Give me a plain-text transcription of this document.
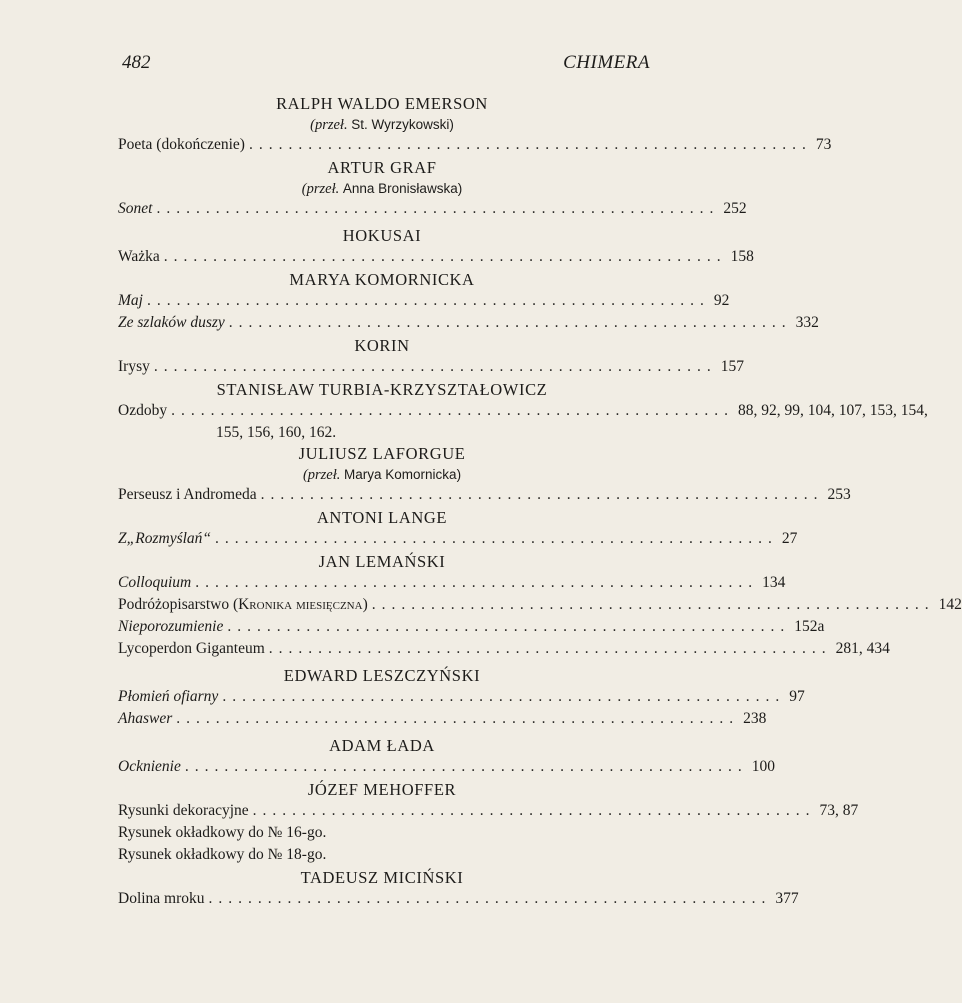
482	CHIMERA
RALPH WALDO EMERSON
(przeł. St. Wyrzykowski)
Poeta (dokończenie) ......................................................... 73
ARTUR GRAF
(przeł. Anna Bronisławska)
Sonet ......................................................... 252
HOKUSAI
Ważka ......................................................... 158
MARYA KOMORNICKA
Maj ......................................................... 92
Ze szlaków duszy ......................................................... 332
KORIN
Irysy ......................................................... 157
STANISŁAW TURBIA-KRZYSZTAŁOWICZ
Ozdoby ......................................................... 88, 92, 99, 104, 107, 153, 154,
155, 156, 160, 162.
JULIUSZ LAFORGUE
(przeł. Marya Komornicka)
Perseusz i Andromeda ......................................................... 253
ANTONI LANGE
Z „Rozmyślań“ ......................................................... 27
JAN LEMAŃSKI
Colloquium ......................................................... 134
Podróżopisarstwo
(Kronika miesięczna) ......................................................... 142
Nieporozumienie ......................................................... 152a
Lycoperdon Giganteum ......................................................... 281, 434
EDWARD LESZCZYŃSKI
Płomień ofiarny ......................................................... 97
Ahaswer ......................................................... 238
ADAM ŁADA
Ocknienie ......................................................... 100
JÓZEF MEHOFFER
Rysunki dekoracyjne ......................................................... 73, 87
Rysunek okładkowy do № 16-go.
Rysunek okładkowy do № 18-go.
TADEUSZ MICIŃSKI
Dolina mroku ......................................................... 377
